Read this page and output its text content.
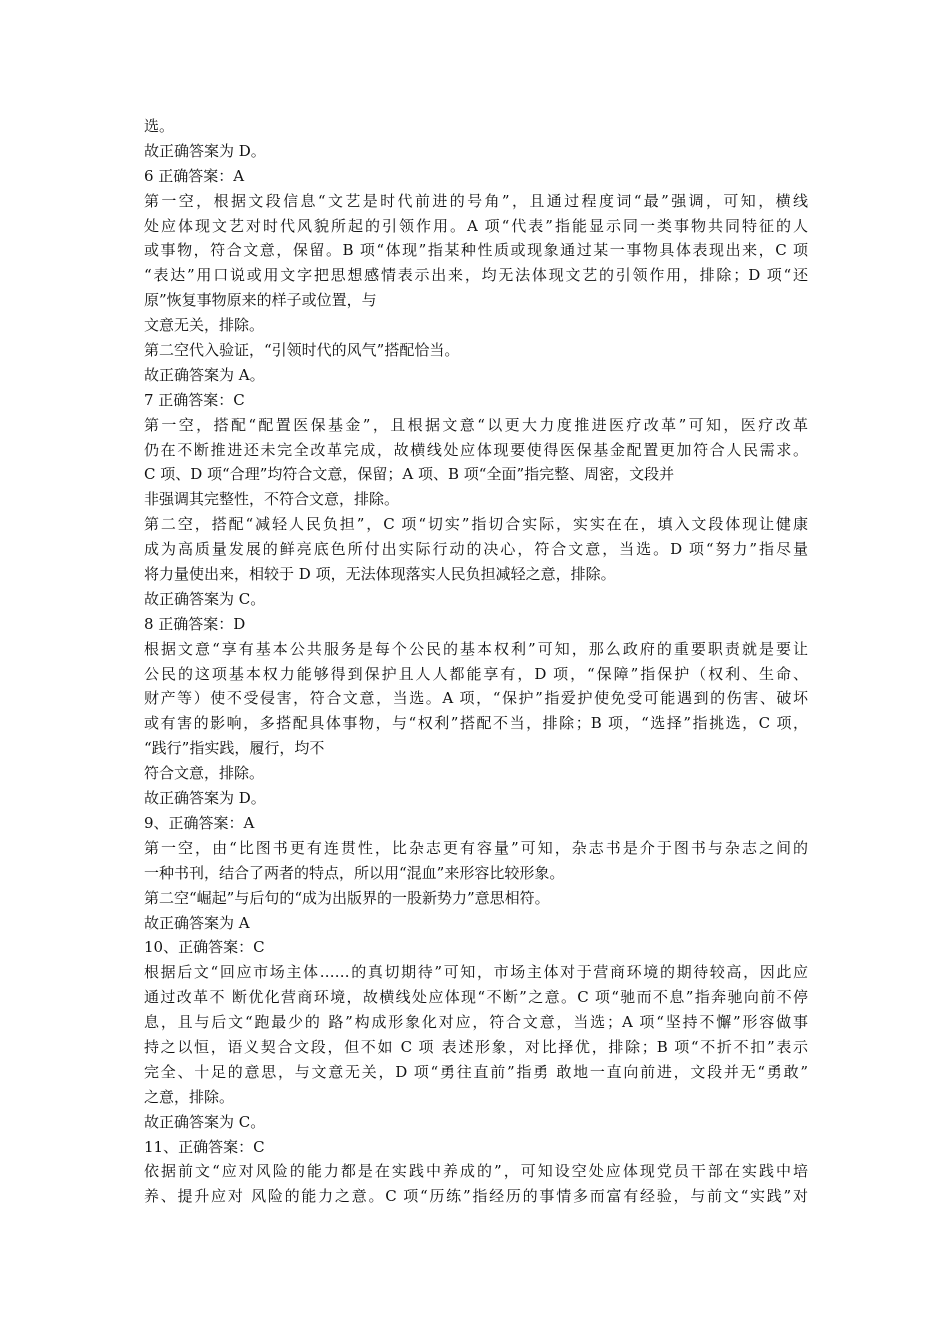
选。
故正确答案为 D。
6 正确答案：A
第一空，根据文段信息“文艺是时代前进的号角”，且通过程度词“最”强调，可知，横线
处应体现文艺对时代风貌所起的引领作用。A 项“代表”指能显示同一类事物共同特征的人
或事物，符合文意，保留。B 项“体现”指某种性质或现象通过某一事物具体表现出来，C 项
“表达”用口说或用文字把思想感情表示出来，均无法体现文艺的引领作用，排除；D 项“还
原”恢复事物原来的样子或位置，与
文意无关，排除。
第二空代入验证，“引领时代的风气”搭配恰当。
故正确答案为 A。
7 正确答案：C
第一空，搭配“配置医保基金”，且根据文意“以更大力度推进医疗改革”可知，医疗改革
仍在不断推进还未完全改革完成，故横线处应体现要使得医保基金配置更加符合人民需求。
C 项、D 项“合理”均符合文意，保留；A 项、B 项“全面”指完整、周密，文段并
非强调其完整性，不符合文意，排除。
第二空，搭配“减轻人民负担”，C 项“切实”指切合实际，实实在在，填入文段体现让健康
成为高质量发展的鲜亮底色所付出实际行动的决心，符合文意，当选。D 项“努力”指尽量
将力量使出来，相较于 D 项，无法体现落实人民负担减轻之意，排除。
故正确答案为 C。
8 正确答案：D
根据文意“享有基本公共服务是每个公民的基本权利”可知，那么政府的重要职责就是要让
公民的这项基本权力能够得到保护且人人都能享有，D 项，“保障”指保护（权利、生命、
财产等）使不受侵害，符合文意，当选。A 项，“保护”指爱护使免受可能遇到的伤害、破坏
或有害的影响，多搭配具体事物，与“权利”搭配不当，排除；B 项，“选择”指挑选，C 项，
“践行”指实践，履行，均不
符合文意，排除。
故正确答案为 D。
9、正确答案：A
第一空，由“比图书更有连贯性，比杂志更有容量”可知，杂志书是介于图书与杂志之间的
一种书刊，结合了两者的特点，所以用“混血”来形容比较形象。
第二空“崛起”与后句的“成为出版界的一股新势力”意思相符。
故正确答案为 A
10、正确答案：C
根据后文“回应市场主体……的真切期待”可知，市场主体对于营商环境的期待较高，因此应
通过改革不 断优化营商环境，故横线处应体现“不断”之意。C 项“驰而不息”指奔驰向前不停
息，且与后文“跑最少的 路”构成形象化对应，符合文意，当选；A 项“坚持不懈”形容做事
持之以恒，语义契合文段，但不如 C 项 表述形象，对比择优，排除；B 项“不折不扣”表示
完全、十足的意思，与文意无关，D 项“勇往直前”指勇 敢地一直向前进，文段并无“勇敢”
之意，排除。
故正确答案为 C。
11、正确答案：C
依据前文“应对风险的能力都是在实践中养成的”，可知设空处应体现党员干部在实践中培
养、提升应对 风险的能力之意。C 项“历练”指经历的事情多而富有经验，与前文“实践”对
